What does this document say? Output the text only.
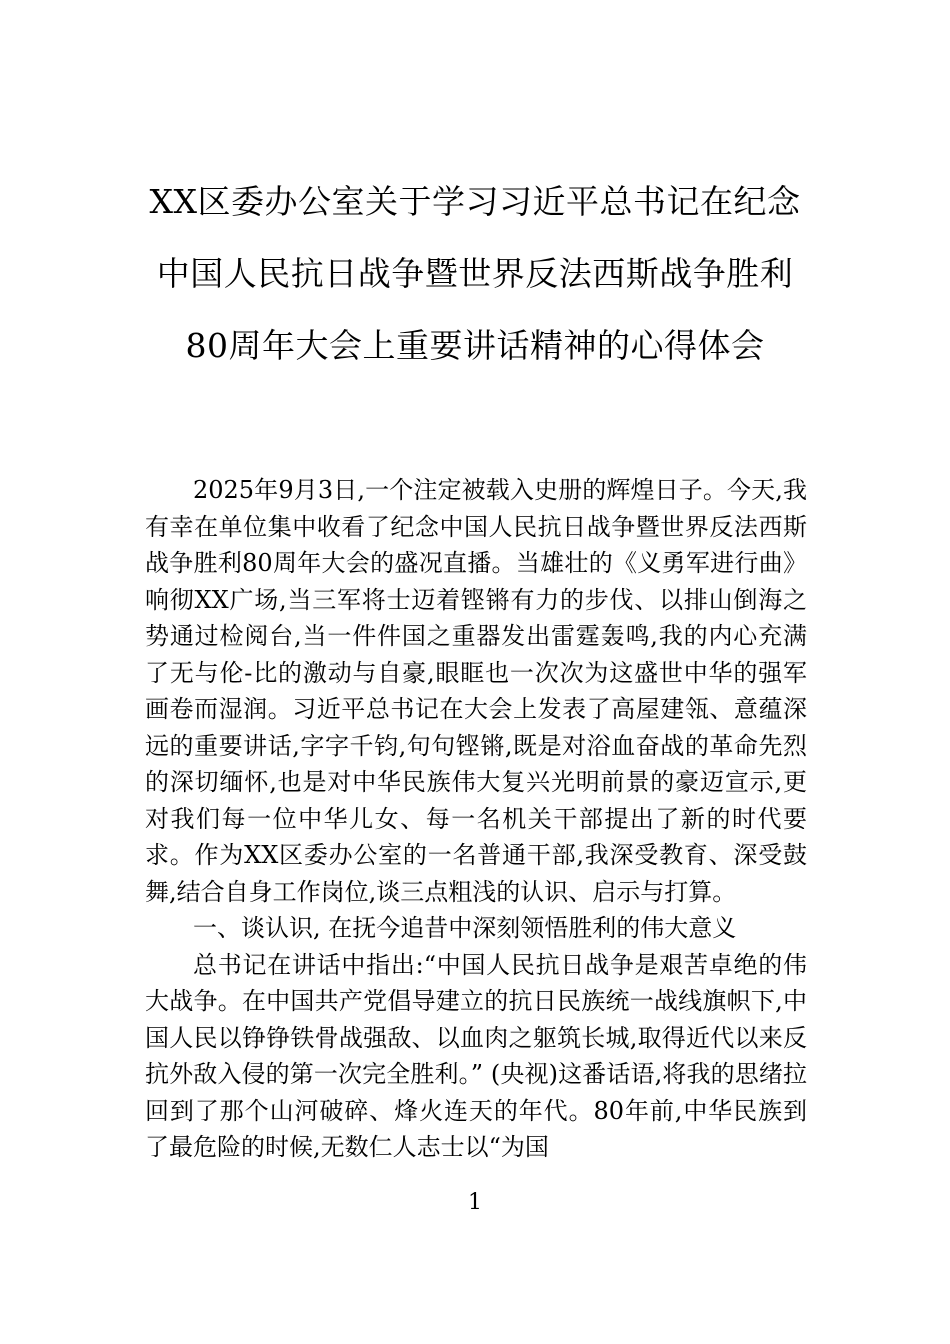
XX区委办公室关于学习习近平总书记在纪念中国人民抗日战争暨世界反法西斯战争胜利80周年大会上重要讲话精神的心得体会

2025年9月3日,一个注定被载入史册的辉煌日子。今天,我有幸在单位集中收看了纪念中国人民抗日战争暨世界反法西斯战争胜利80周年大会的盛况直播。当雄壮的《义勇军进行曲》响彻XX广场,当三军将士迈着铿锵有力的步伐、以排山倒海之势通过检阅台,当一件件国之重器发出雷霆轰鸣,我的内心充满了无与伦-比的激动与自豪,眼眶也一次次为这盛世中华的强军画卷而湿润。习近平总书记在大会上发表了高屋建瓴、意蕴深远的重要讲话,字字千钧,句句铿锵,既是对浴血奋战的革命先烈的深切缅怀,也是对中华民族伟大复兴光明前景的豪迈宣示,更对我们每一位中华儿女、每一名机关干部提出了新的时代要求。作为XX区委办公室的一名普通干部,我深受教育、深受鼓舞,结合自身工作岗位,谈三点粗浅的认识、启示与打算。

一、谈认识, 在抚今追昔中深刻领悟胜利的伟大意义

总书记在讲话中指出:“中国人民抗日战争是艰苦卓绝的伟大战争。在中国共产党倡导建立的抗日民族统一战线旗帜下,中国人民以铮铮铁骨战强敌、以血肉之躯筑长城,取得近代以来反抗外敌入侵的第一次完全胜利。” (央视)这番话语,将我的思绪拉回到了那个山河破碎、烽火连天的年代。80年前,中华民族到了最危险的时候,无数仁人志士以“为国

1
